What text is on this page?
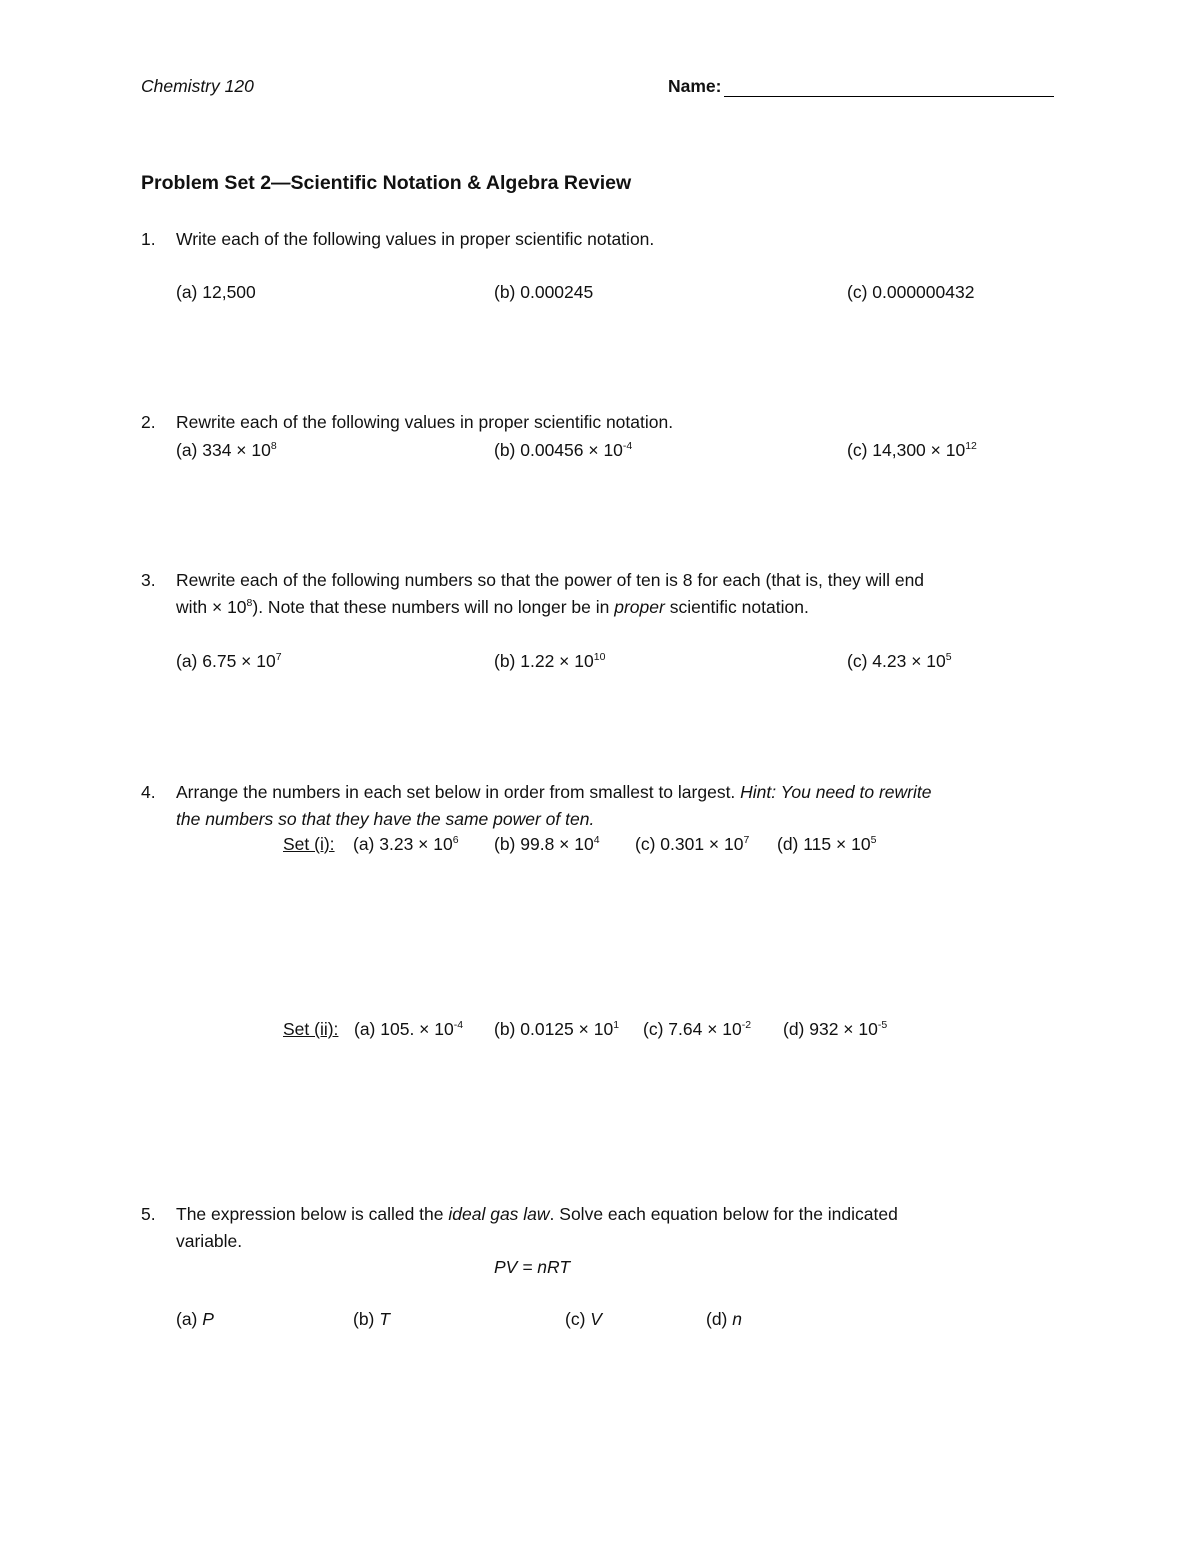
Chemistry 120	Name:
Problem Set 2—Scientific Notation & Algebra Review
1. Write each of the following values in proper scientific notation.
(a) 12,500	(b) 0.000245	(c) 0.000000432
2. Rewrite each of the following values in proper scientific notation.
(a) $334 \times 10^8$	(b) $0.00456 \times 10^{-4}$	(c) $14,300 \times 10^{12}$
3. Rewrite each of the following numbers so that the power of ten is 8 for each (that is, they will end
with × $10^8$). Note that these numbers will no longer be in proper scientific notation.
(a) $6.75 \times 10^7$	(b) $1.22 \times 10^{10}$	(c) $4.23 \times 10^5$
4. Arrange the numbers in each set below in order from smallest to largest. Hint: You need to rewrite
the numbers so that they have the same power of ten.
Set (i): (a) $3.23 \times 10^6$ (b) $99.8 \times 10^4$ (c) $0.301 \times 10^7$ (d) $115 \times 10^5$
Set (ii): (a) 105. × $10^{-4}$ (b) $0.0125 \times 10^1$ (c) $7.64 \times 10^{-2}$ (d) $932 \times 10^{-5}$
5. The expression below is called the ideal gas law. Solve each equation below for the indicated
variable.
PV = nRT
(a) P	(b) T	(c) V	(d) n
